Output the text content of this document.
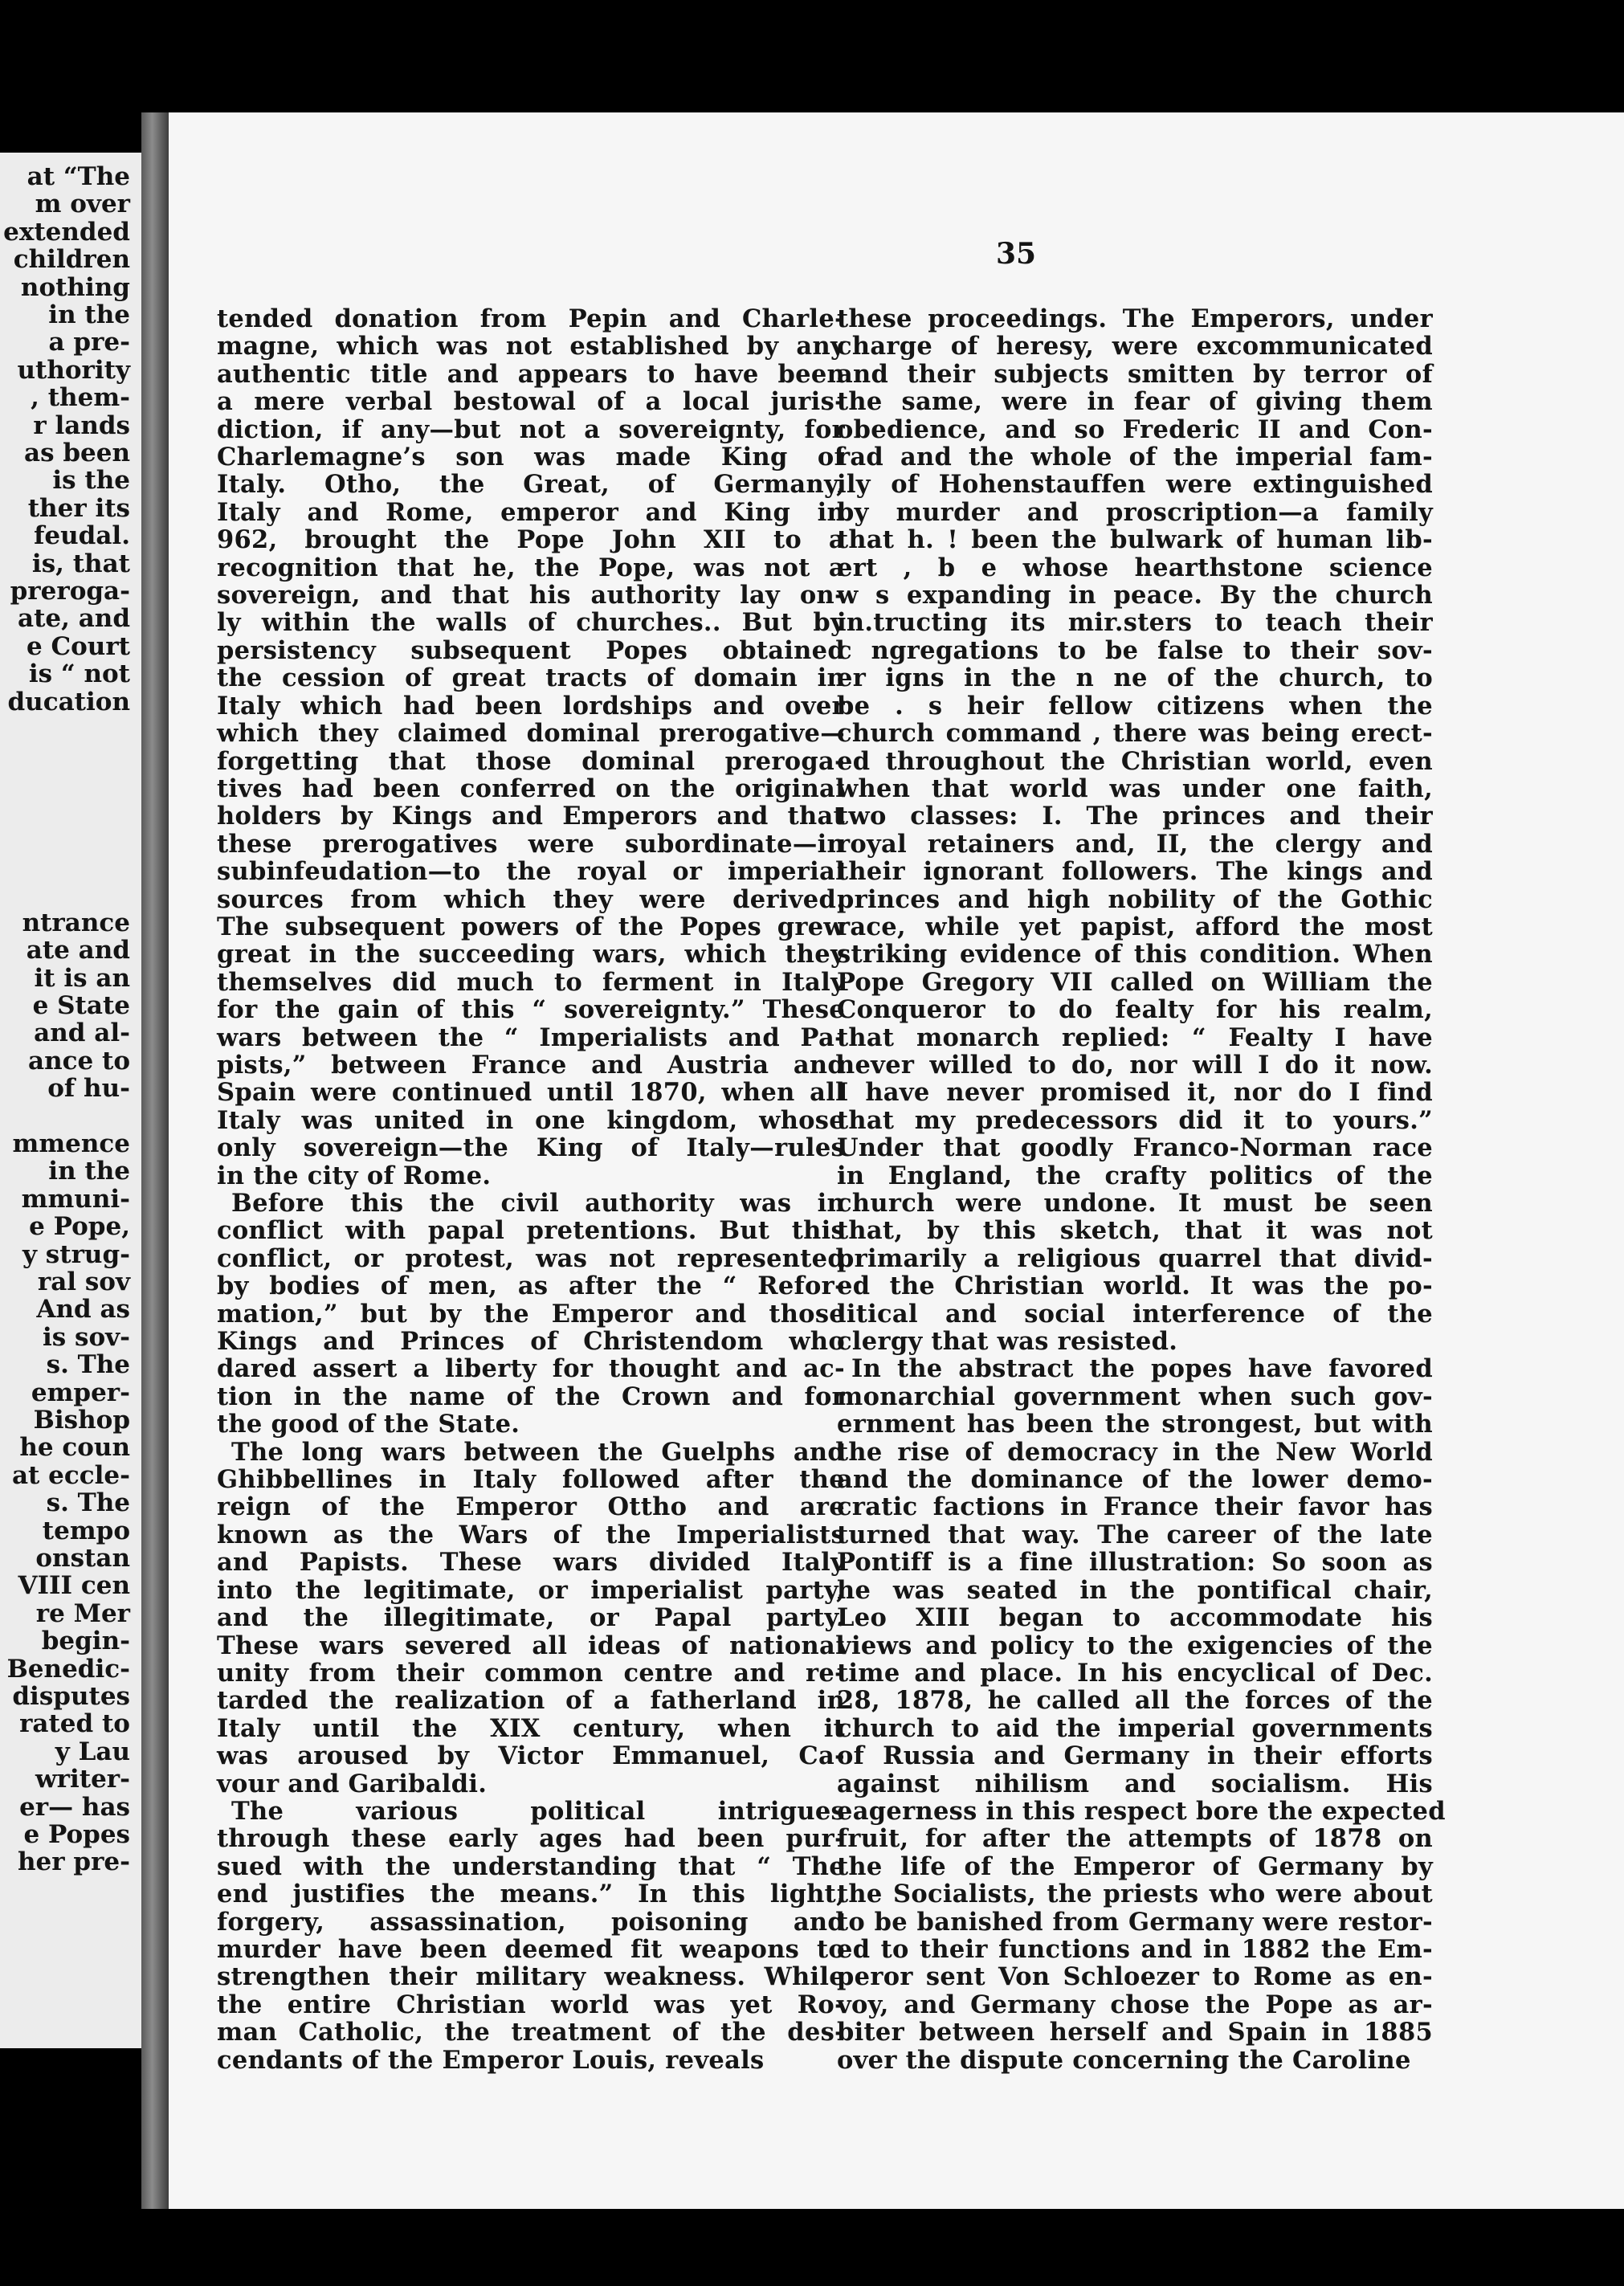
at “The
m over
extended
children
nothing
in the
a pre-
uthority
, them-
r lands
as been
is the
ther its
feudal.
is, that
preroga-
ate, and
e Court
is “ not
ducation
ntrance
ate and
it is an
e State
and al-
ance to
of hu-
mmence
in the
mmuni-
e Pope,
y strug-
ral sov
And as
is sov-
s. The
emper-
Bishop
he coun
at eccle-
s. The
tempo
onstan
VIII cen
re Mer
begin-
Benedic-
disputes
rated to
y Lau
writer-
er— has
e Popes
her pre-
35
tended donation from Pepin and Charle-
magne, which was not established by any
authentic title and appears to have been
a mere verbal bestowal of a local juris-
diction, if any—but not a sovereignty, for
Charlemagne’s son was made King of
Italy. Otho, the Great, of Germany,
Italy and Rome, emperor and King in
962, brought the Pope John XII to a
recognition that he, the Pope, was not a
sovereign, and that his authority lay on-
ly within the walls of churches.. But by
persistency subsequent Popes obtained
the cession of great tracts of domain in
Italy which had been lordships and over
which they claimed dominal prerogative—
forgetting that those dominal preroga-
tives had been conferred on the original
holders by Kings and Emperors and that
these prerogatives were subordinate—in
subinfeudation—to the royal or imperial
sources from which they were derived.
The subsequent powers of the Popes grew
great in the succeeding wars, which they
themselves did much to ferment in Italy
for the gain of this “ sovereignty.” These
wars between the “ Imperialists and Pa-
pists,” between France and Austria and
Spain were continued until 1870, when all
Italy was united in one kingdom, whose
only sovereign—the King of Italy—rules
in the city of Rome.
Before this the civil authority was in
conflict with papal pretentions. But this
conflict, or protest, was not represented
by bodies of men, as after the “ Refor-
mation,” but by the Emperor and those
Kings and Princes of Christendom who
dared assert a liberty for thought and ac-
tion in the name of the Crown and for
the good of the State.
The long wars between the Guelphs and
Ghibbellines in Italy followed after the
reign of the Emperor Ottho and are
known as the Wars of the Imperialists
and Papists. These wars divided Italy
into the legitimate, or imperialist party,
and the illegitimate, or Papal party.
These wars severed all ideas of national
unity from their common centre and re-
tarded the realization of a fatherland in
Italy until the XIX century, when it
was aroused by Victor Emmanuel, Ca-
vour and Garibaldi.
The various political intrigues
through these early ages had been pur-
sued with the understanding that “ The
end justifies the means.” In this light,
forgery, assassination, poisoning and
murder have been deemed fit weapons to
strengthen their military weakness. While
the entire Christian world was yet Ro-
man Catholic, the treatment of the des-
cendants of the Emperor Louis, reveals
these proceedings. The Emperors, under
charge of heresy, were excommunicated
and their subjects smitten by terror of
the same, were in fear of giving them
obedience, and so Frederic II and Con-
rad and the whole of the imperial fam-
ily of Hohenstauffen were extinguished
by murder and proscription—a family
that h. ! been the bulwark of human lib-
ert , b e whose hearthstone science
w s expanding in peace. By the church
in.tructing its mir.sters to teach their
c ngregations to be false to their sov-
er igns in the n ne of the church, to
be . s heir fellow citizens when the
church command , there was being erect-
ed throughout the Christian world, even
when that world was under one faith,
two classes: I. The princes and their
royal retainers and, II, the clergy and
their ignorant followers. The kings and
princes and high nobility of the Gothic
race, while yet papist, afford the most
striking evidence of this condition. When
Pope Gregory VII called on William the
Conqueror to do fealty for his realm,
that monarch replied: “ Fealty I have
never willed to do, nor will I do it now.
I have never promised it, nor do I find
that my predecessors did it to yours.”
Under that goodly Franco-Norman race
in England, the crafty politics of the
church were undone. It must be seen
that, by this sketch, that it was not
primarily a religious quarrel that divid-
ed the Christian world. It was the po-
litical and social interference of the
clergy that was resisted.
In the abstract the popes have favored
monarchial government when such gov-
ernment has been the strongest, but with
the rise of democracy in the New World
and the dominance of the lower demo-
cratic factions in France their favor has
turned that way. The career of the late
Pontiff is a fine illustration: So soon as
he was seated in the pontifical chair,
Leo XIII began to accommodate his
views and policy to the exigencies of the
time and place. In his encyclical of Dec.
28, 1878, he called all the forces of the
church to aid the imperial governments
of Russia and Germany in their efforts
against nihilism and socialism. His
eagerness in this respect bore the expected
fruit, for after the attempts of 1878 on
the life of the Emperor of Germany by
the Socialists, the priests who were about
to be banished from Germany were restor-
ed to their functions and in 1882 the Em-
peror sent Von Schloezer to Rome as en-
voy, and Germany chose the Pope as ar-
biter between herself and Spain in 1885
over the dispute concerning the Caroline
